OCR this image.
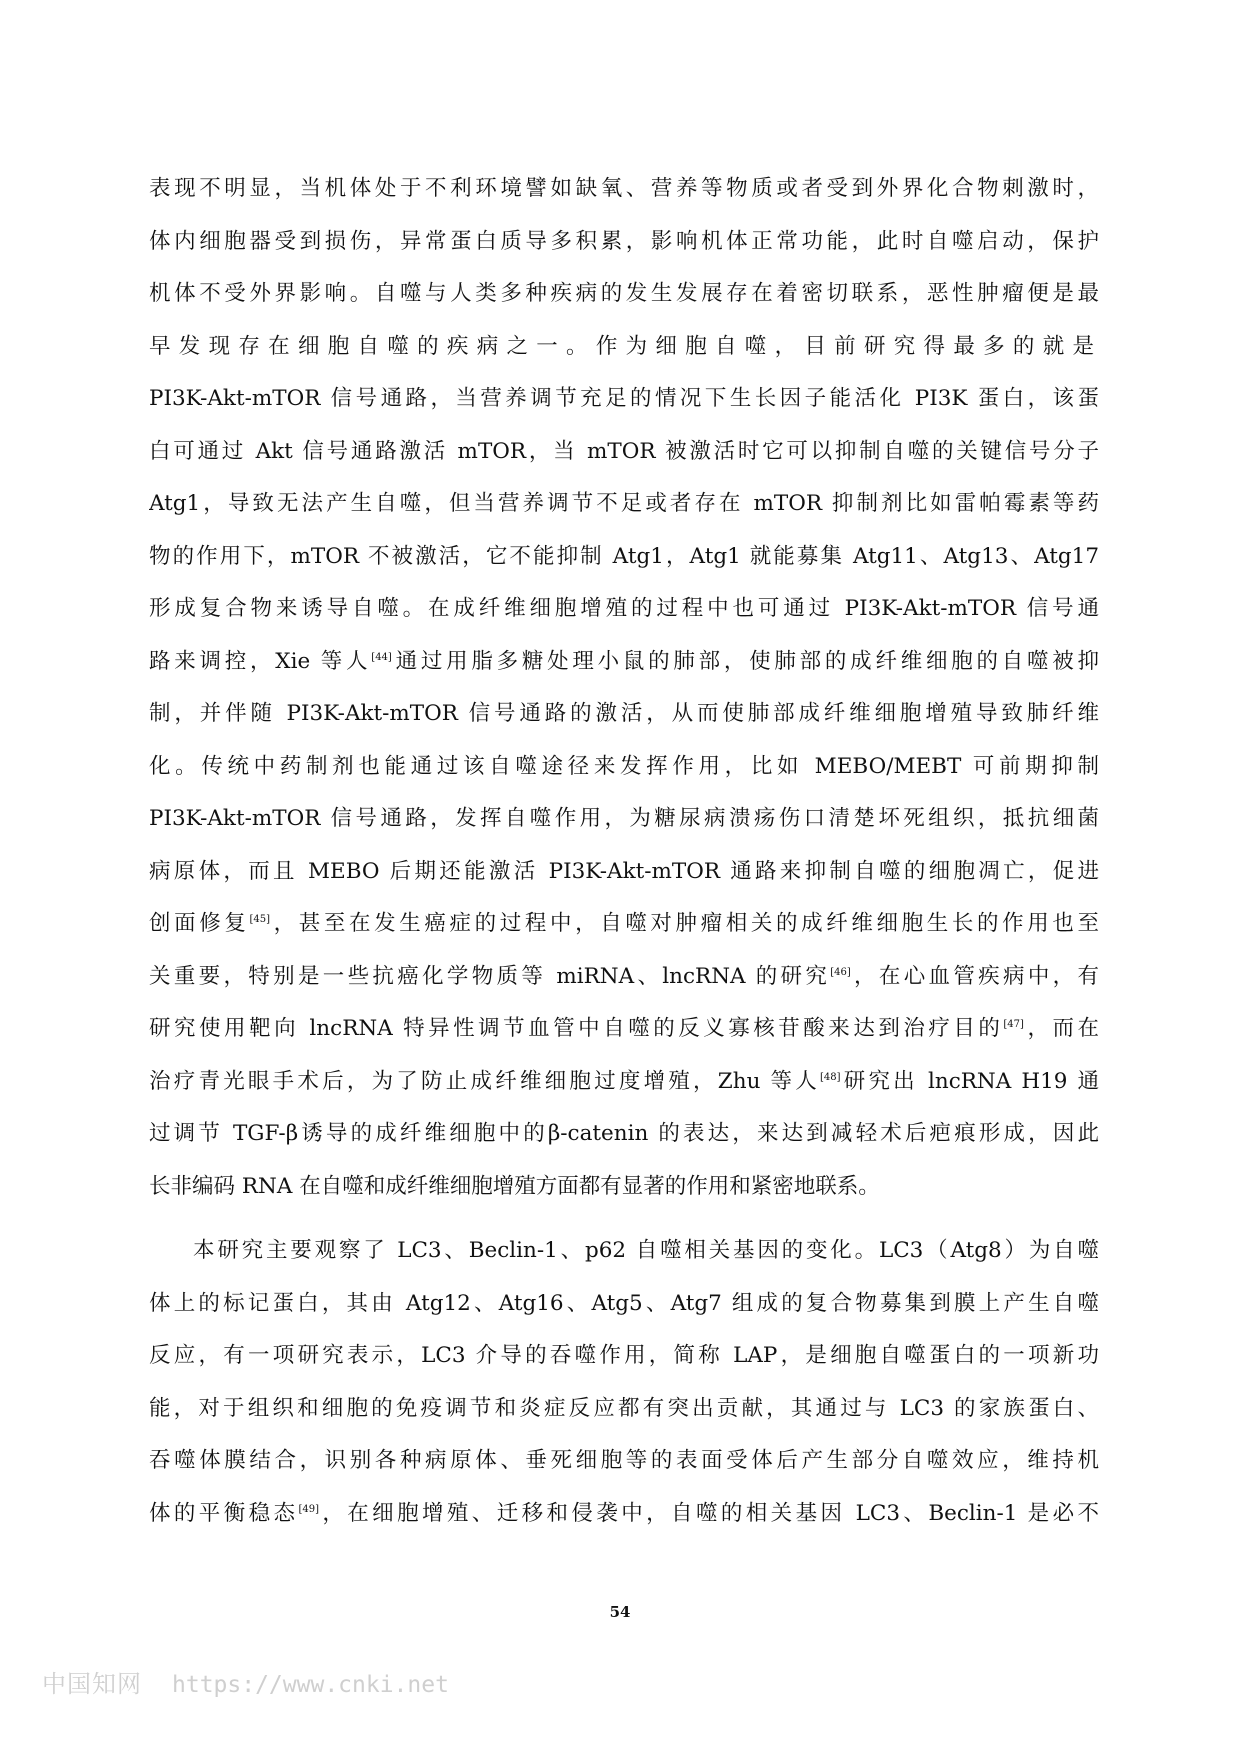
表现不明显，当机体处于不利环境譬如缺氧、营养等物质或者受到外界化合物刺激时，
体内细胞器受到损伤，异常蛋白质导多积累，影响机体正常功能，此时自噬启动，保护
机体不受外界影响。自噬与人类多种疾病的发生发展存在着密切联系，恶性肿瘤便是最
早发现存在细胞自噬的疾病之一。作为细胞自噬，目前研究得最多的就是
PI3K-Akt-mTOR 信号通路，当营养调节充足的情况下生长因子能活化 PI3K 蛋白，该蛋
白可通过 Akt 信号通路激活 mTOR，当 mTOR 被激活时它可以抑制自噬的关键信号分子
Atg1，导致无法产生自噬，但当营养调节不足或者存在 mTOR 抑制剂比如雷帕霉素等药
物的作用下，mTOR 不被激活，它不能抑制 Atg1，Atg1 就能募集 Atg11、Atg13、Atg17
形成复合物来诱导自噬。在成纤维细胞增殖的过程中也可通过 PI3K-Akt-mTOR 信号通
路来调控，Xie 等人[44]通过用脂多糖处理小鼠的肺部，使肺部的成纤维细胞的自噬被抑
制，并伴随 PI3K-Akt-mTOR 信号通路的激活，从而使肺部成纤维细胞增殖导致肺纤维
化。传统中药制剂也能通过该自噬途径来发挥作用，比如 MEBO/MEBT 可前期抑制
PI3K-Akt-mTOR 信号通路，发挥自噬作用，为糖尿病溃疡伤口清楚坏死组织，抵抗细菌
病原体，而且 MEBO 后期还能激活 PI3K-Akt-mTOR 通路来抑制自噬的细胞凋亡，促进
创面修复[45]，甚至在发生癌症的过程中，自噬对肿瘤相关的成纤维细胞生长的作用也至
关重要，特别是一些抗癌化学物质等 miRNA、lncRNA 的研究[46]，在心血管疾病中，有
研究使用靶向 lncRNA 特异性调节血管中自噬的反义寡核苷酸来达到治疗目的[47]，而在
治疗青光眼手术后，为了防止成纤维细胞过度增殖，Zhu 等人[48]研究出 lncRNA H19 通
过调节 TGF-β诱导的成纤维细胞中的β-catenin 的表达，来达到减轻术后疤痕形成，因此
长非编码 RNA 在自噬和成纤维细胞增殖方面都有显著的作用和紧密地联系。
本研究主要观察了 LC3、Beclin-1、p62 自噬相关基因的变化。LC3（Atg8）为自噬
体上的标记蛋白，其由 Atg12、Atg16、Atg5、Atg7 组成的复合物募集到膜上产生自噬
反应，有一项研究表示，LC3 介导的吞噬作用，简称 LAP，是细胞自噬蛋白的一项新功
能，对于组织和细胞的免疫调节和炎症反应都有突出贡献，其通过与 LC3 的家族蛋白、
吞噬体膜结合，识别各种病原体、垂死细胞等的表面受体后产生部分自噬效应，维持机
体的平衡稳态[49]，在细胞增殖、迁移和侵袭中，自噬的相关基因 LC3、Beclin-1 是必不
54
中国知网 https://www.cnki.net
